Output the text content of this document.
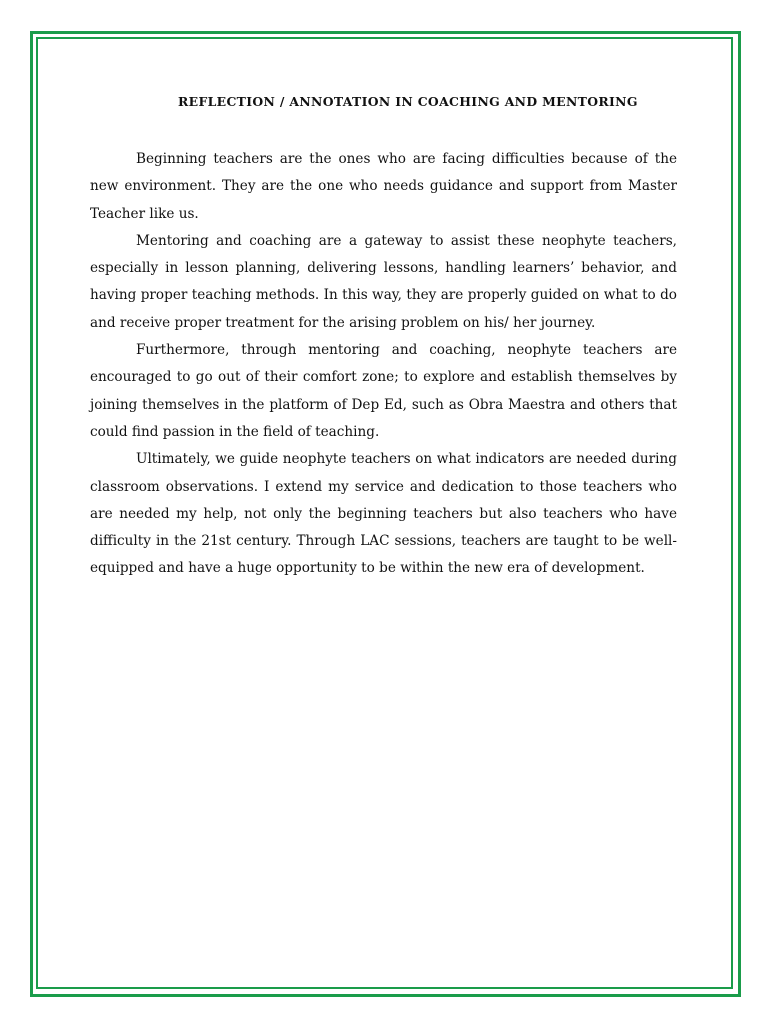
REFLECTION / ANNOTATION IN COACHING AND MENTORING

Beginning teachers are the ones who are facing difficulties because of the new environment. They are the one who needs guidance and support from Master Teacher like us.

Mentoring and coaching are a gateway to assist these neophyte teachers, especially in lesson planning, delivering lessons, handling learners’ behavior, and having proper teaching methods. In this way, they are properly guided on what to do and receive proper treatment for the arising problem on his/ her journey.

Furthermore, through mentoring and coaching, neophyte teachers are encouraged to go out of their comfort zone; to explore and establish themselves by joining themselves in the platform of Dep Ed, such as Obra Maestra and others that could find passion in the field of teaching.

Ultimately, we guide neophyte teachers on what indicators are needed during classroom observations. I extend my service and dedication to those teachers who are needed my help, not only the beginning teachers but also teachers who have difficulty in the 21st century. Through LAC sessions, teachers are taught to be well-equipped and have a huge opportunity to be within the new era of development.
